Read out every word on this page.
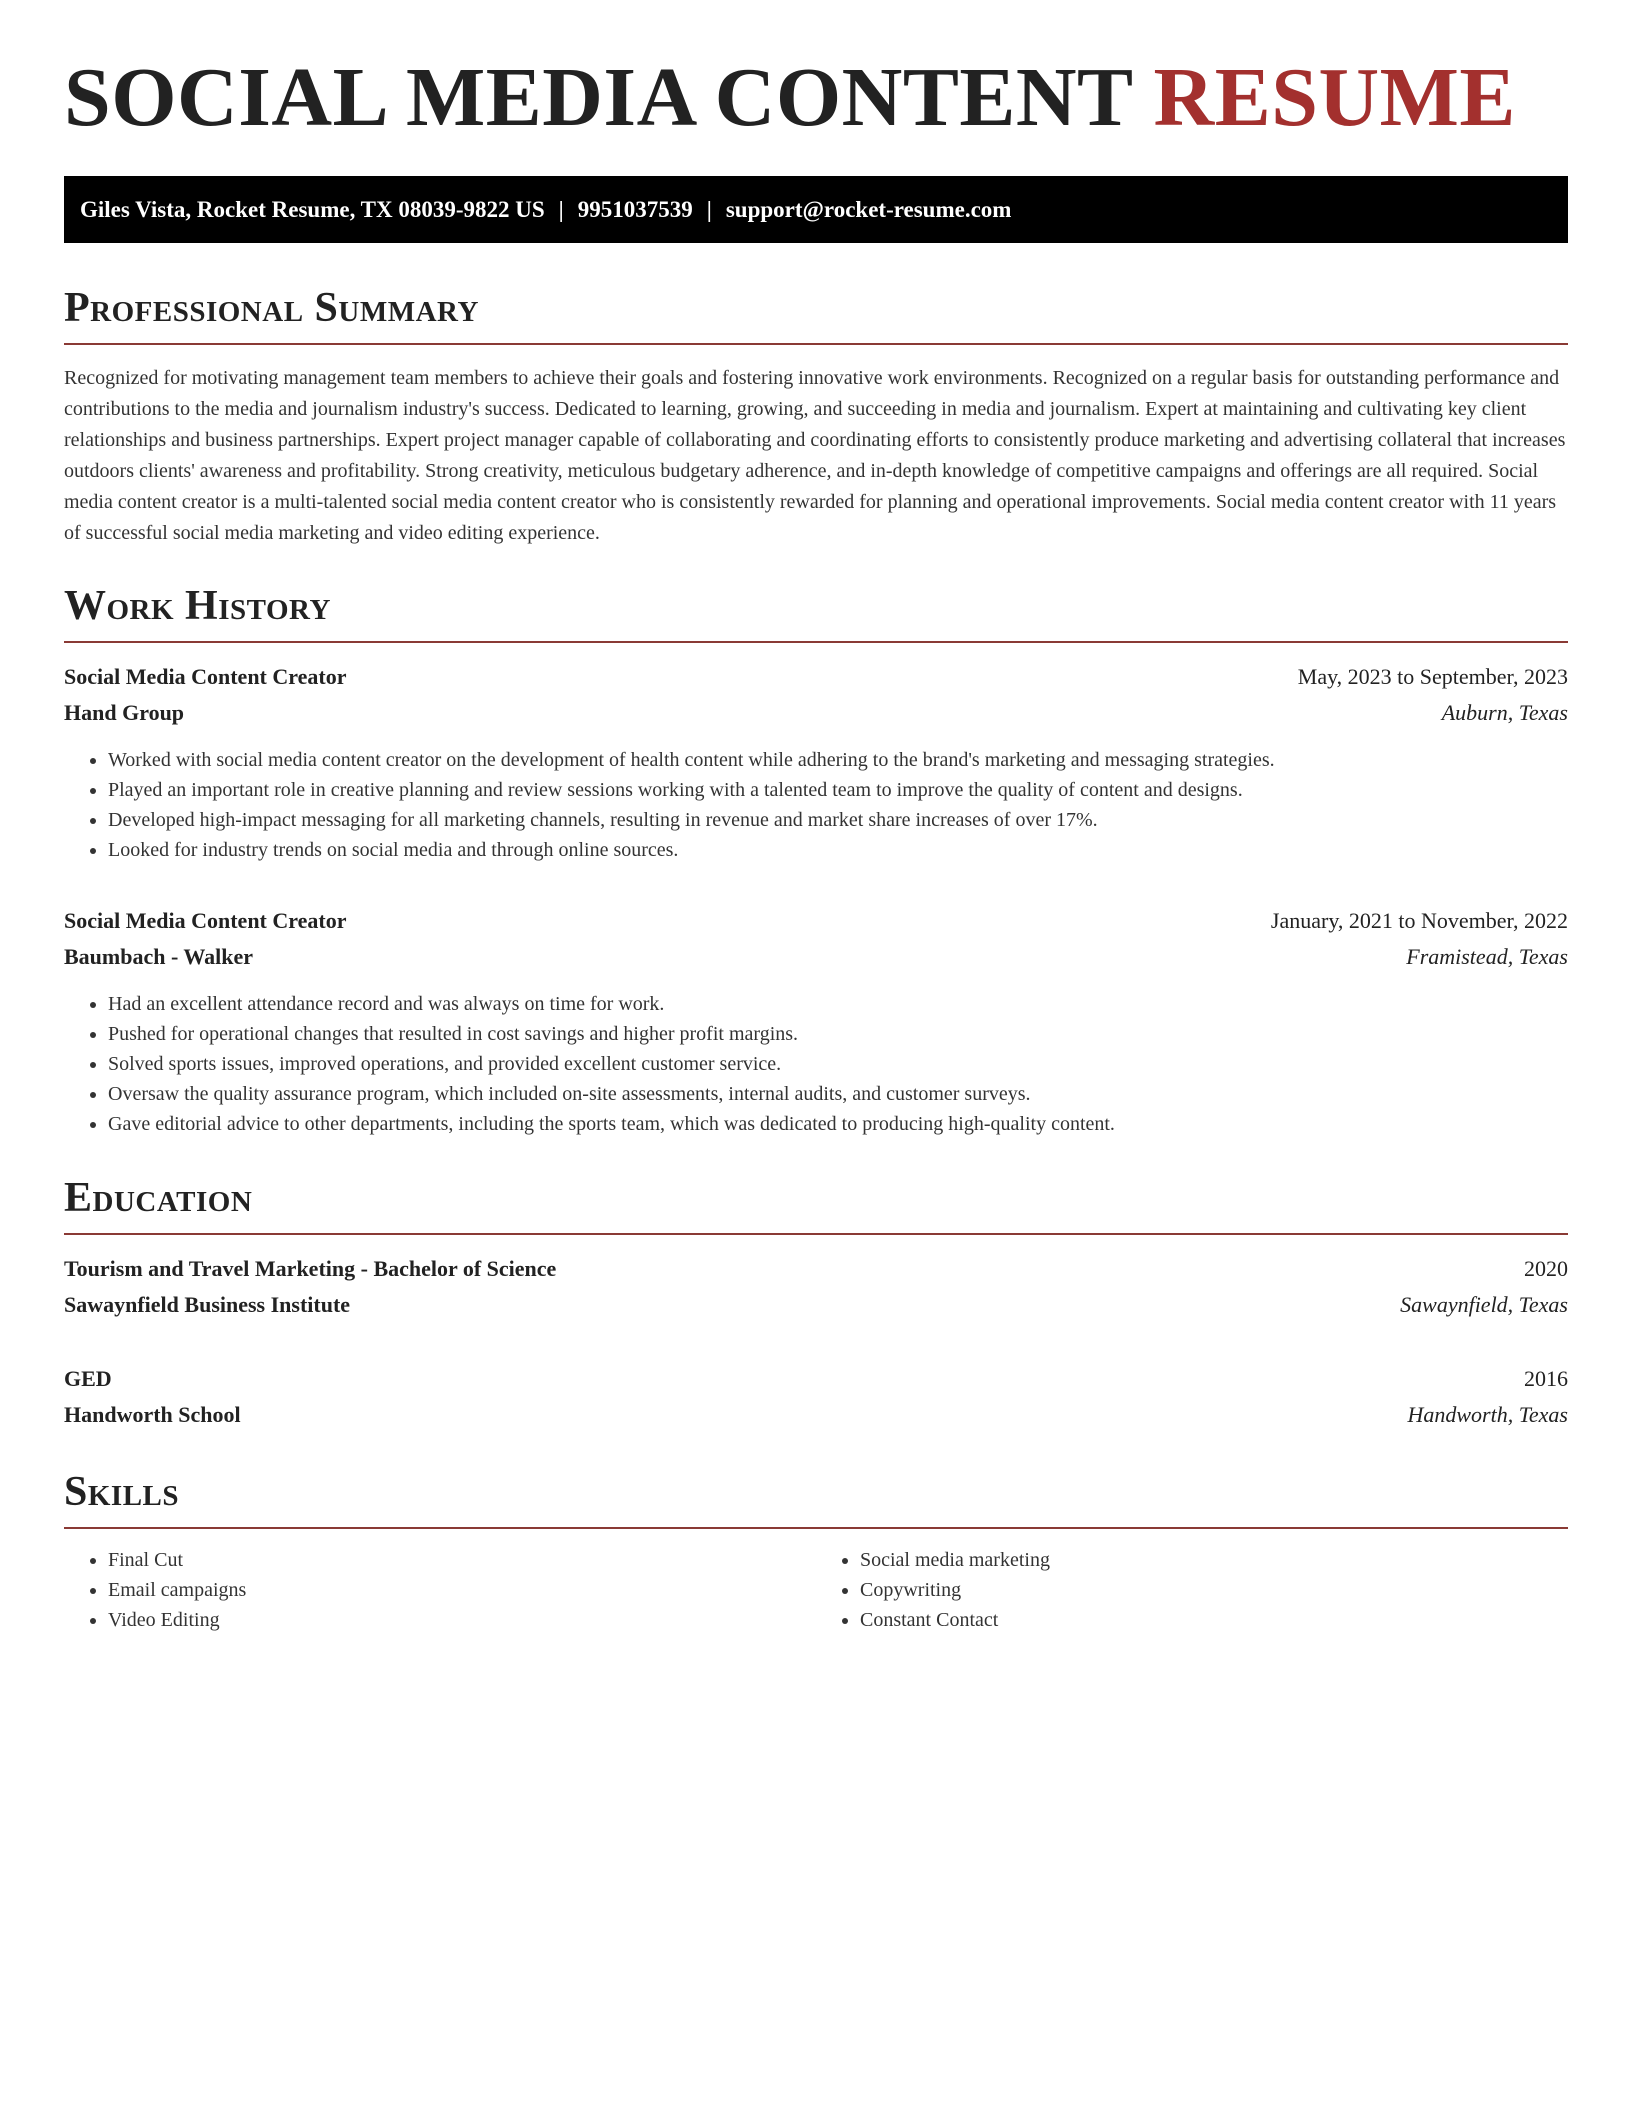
SOCIAL MEDIA CONTENT RESUME
Giles Vista, Rocket Resume, TX 08039-9822 US | 9951037539 | support@rocket-resume.com
Professional Summary

Recognized for motivating management team members to achieve their goals and fostering innovative work environments. Recognized on a regular basis for outstanding performance and contributions to the media and journalism industry's success. Dedicated to learning, growing, and succeeding in media and journalism. Expert at maintaining and cultivating key client relationships and business partnerships. Expert project manager capable of collaborating and coordinating efforts to consistently produce marketing and advertising collateral that increases outdoors clients' awareness and profitability. Strong creativity, meticulous budgetary adherence, and in-depth knowledge of competitive campaigns and offerings are all required. Social media content creator is a multi-talented social media content creator who is consistently rewarded for planning and operational improvements. Social media content creator with 11 years of successful social media marketing and video editing experience.

Work History
Social Media Content Creator	May, 2023 to September, 2023
Hand Group	Auburn, Texas
• Worked with social media content creator on the development of health content while adhering to the brand's marketing and messaging strategies.
• Played an important role in creative planning and review sessions working with a talented team to improve the quality of content and designs.
• Developed high-impact messaging for all marketing channels, resulting in revenue and market share increases of over 17%.
• Looked for industry trends on social media and through online sources.
Social Media Content Creator	January, 2021 to November, 2022
Baumbach - Walker	Framistead, Texas
• Had an excellent attendance record and was always on time for work.
• Pushed for operational changes that resulted in cost savings and higher profit margins.
• Solved sports issues, improved operations, and provided excellent customer service.
• Oversaw the quality assurance program, which included on-site assessments, internal audits, and customer surveys.
• Gave editorial advice to other departments, including the sports team, which was dedicated to producing high-quality content.
Education
Tourism and Travel Marketing - Bachelor of Science	2020
Sawaynfield Business Institute	Sawaynfield, Texas
GED	2016
Handworth School	Handworth, Texas
Skills
• Final Cut
• Email campaigns
• Video Editing
• Social media marketing
• Copywriting
• Constant Contact
